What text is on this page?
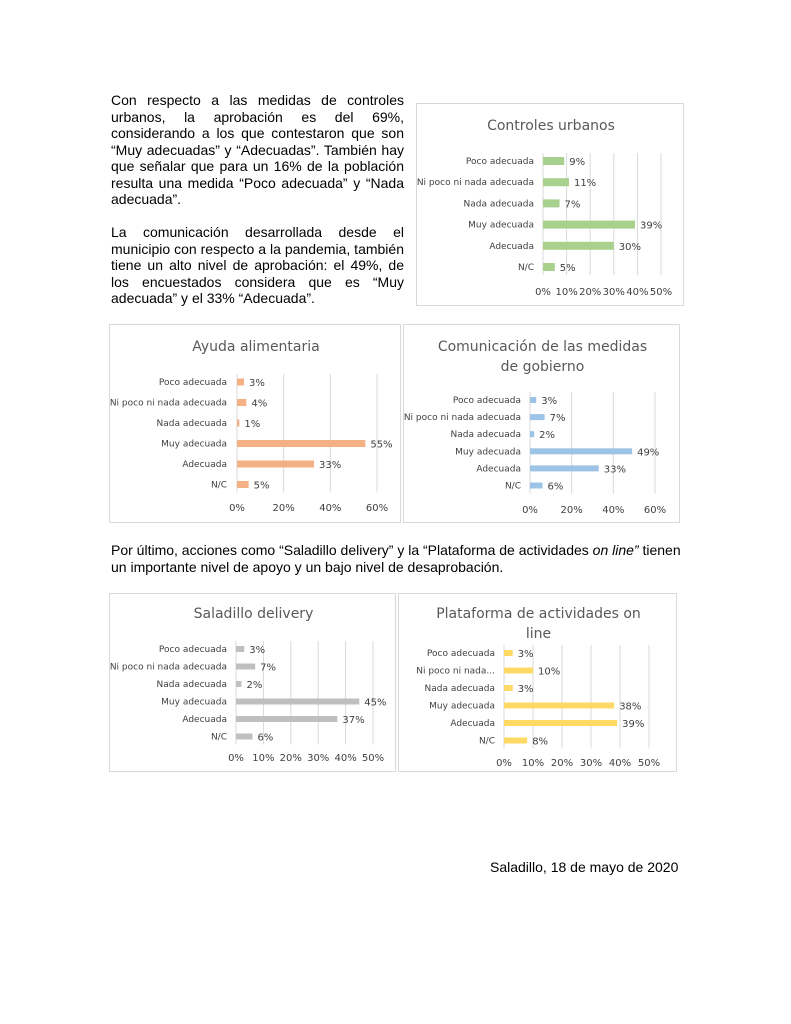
Con respecto a las medidas de controles urbanos, la aprobación es del 69%, considerando a los que contestaron que son “Muy adecuadas” y “Adecuadas”. También hay que señalar que para un 16% de la población resulta una medida “Poco adecuada” y “Nada adecuada”.

La comunicación desarrollada desde el municipio con respecto a la pandemia, también tiene un alto nivel de aprobación: el 49%, de los encuestados considera que es “Muy adecuada” y el 33% “Adecuada”.

Controles urbanos
0% 10% 20% 30% 40% 50%
Poco adecuada	9%
Ni poco ni nada adecuada	11%
Nada adecuada	7%
Muy adecuada	39%
Adecuada	30%
N/C	5%
Ayuda alimentaria
0%	20% 40% 60%
Poco adecuada 3%
Ni poco ni nada adecuada 4%
Nada adecuada 1%
Muy adecuada	55%
Adecuada	33%
N/C	5%
Comunicación de las medidas
de gobierno
0% 20% 40% 60%
Poco adecuada 3%
Ni poco ni nada adecuada	7%
Nada adecuada 2%
Muy adecuada	49%
Adecuada	33%
N/C	6%

Por último, acciones como “Saladillo delivery” y la “Plataforma de actividades on line” tienen un importante nivel de apoyo y un bajo nivel de desaprobación.

Saladillo delivery
0% 10% 20% 30% 40% 50%
Poco adecuada 3%
Ni poco ni nada adecuada	7%
Nada adecuada 2%
Muy adecuada	45%
Adecuada	37%
N/C	6%
Plataforma de actividades on
line
0% 10% 20% 30% 40% 50%
Poco adecuada 3%
Ni poco ni nada...	10%
Nada adecuada 3%
Muy adecuada	38%
Adecuada	39%
N/C	8%
Saladillo, 18 de mayo de 2020
